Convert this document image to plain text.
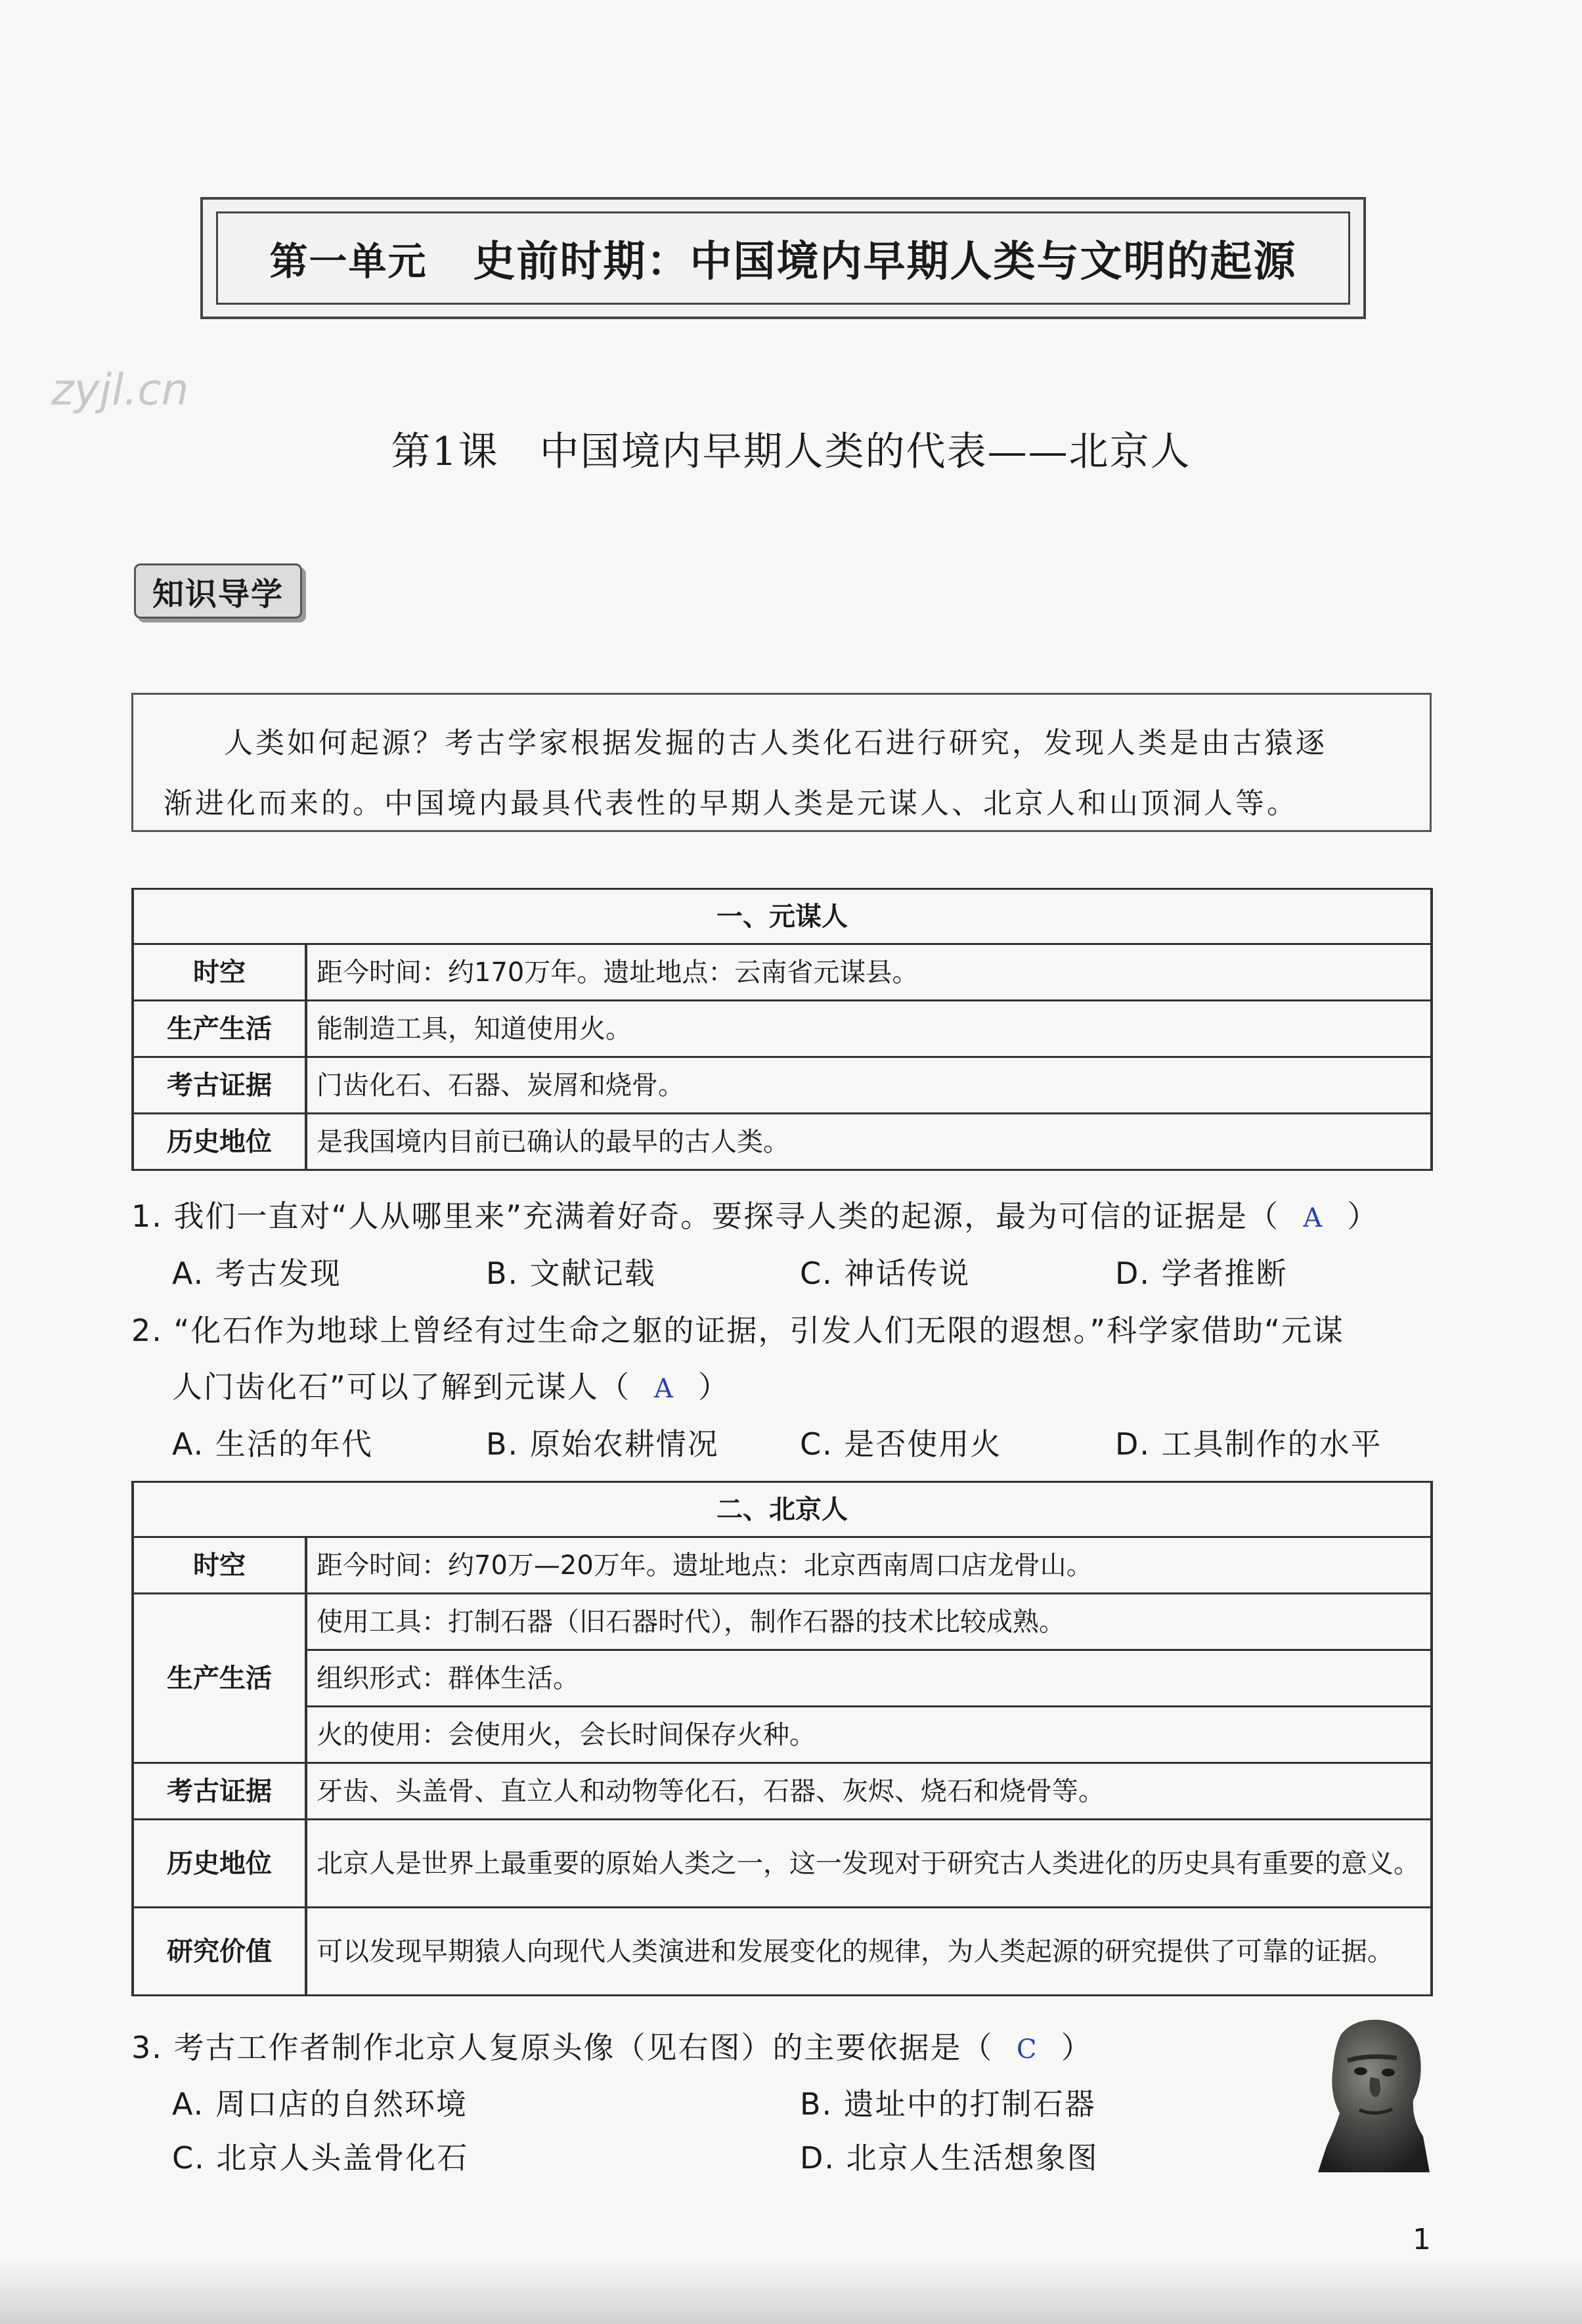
第一单元 史前时期：中国境内早期人类与文明的起源
zyjl.cn
第1课　中国境内早期人类的代表——北京人
知识导学

人类如何起源？考古学家根据发掘的古人类化石进行研究，发现人类是由古猿逐

渐进化而来的。中国境内最具代表性的早期人类是元谋人、北京人和山顶洞人等。
一、元谋人	
时空	距今时间：约170万年。遗址地点：云南省元谋县。
生产生活	能制造工具，知道使用火。
考古证据	门齿化石、石器、炭屑和烧骨。
历史地位	是我国境内目前已确认的最早的古人类。
1. 我们一直对“人从哪里来”充满着好奇。要探寻人类的起源，最为可信的证据是（ A ）
A. 考古发现	B. 文献记载	C. 神话传说	D. 学者推断
2. “化石作为地球上曾经有过生命之躯的证据，引发人们无限的遐想。”科学家借助“元谋
人门齿化石”可以了解到元谋人（ A ）
A. 生活的年代	B. 原始农耕情况	C. 是否使用火	D. 工具制作的水平
二、北京人	
时空	距今时间：约70万—20万年。遗址地点：北京西南周口店龙骨山。
生产生活	使用工具：打制石器（旧石器时代），制作石器的技术比较成熟。
	组织形式：群体生活。
	火的使用：会使用火，会长时间保存火种。
考古证据	牙齿、头盖骨、直立人和动物等化石，石器、灰烬、烧石和烧骨等。
历史地位	北京人是世界上最重要的原始人类之一，这一发现对于研究古人类进化的历史具有重要的意义。
研究价值	可以发现早期猿人向现代人类演进和发展变化的规律，为人类起源的研究提供了可靠的证据。
3. 考古工作者制作北京人复原头像（见右图）的主要依据是（ C ）
A. 周口店的自然环境	B. 遗址中的打制石器
C. 北京人头盖骨化石	D. 北京人生活想象图
1
